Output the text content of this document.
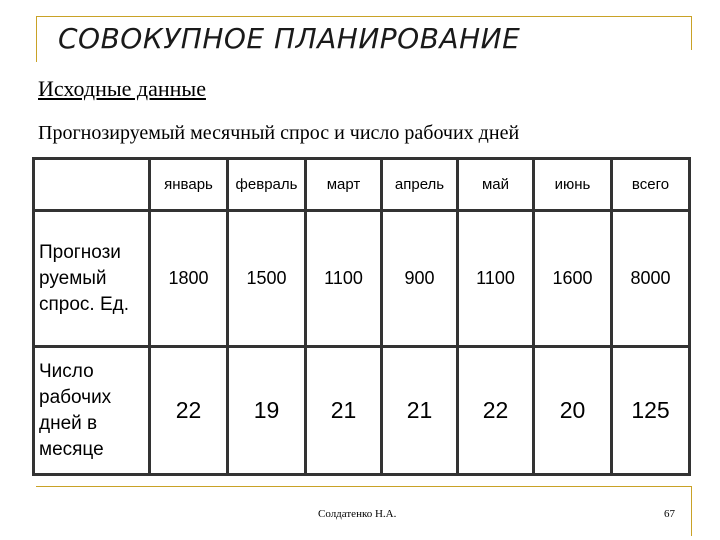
СОВОКУПНОЕ ПЛАНИРОВАНИЕ
Исходные данные
Прогнозируемый месячный спрос и число рабочих дней
	январь	февраль	март	апрель	май	июнь	всего

Прогнози
руемый
спрос. Ед.	1800	1500	1100	900	1100	1600	8000

Число
рабочих
дней в
месяце	22	19	21	21	22	20	125
Солдатенко Н.А.	67
